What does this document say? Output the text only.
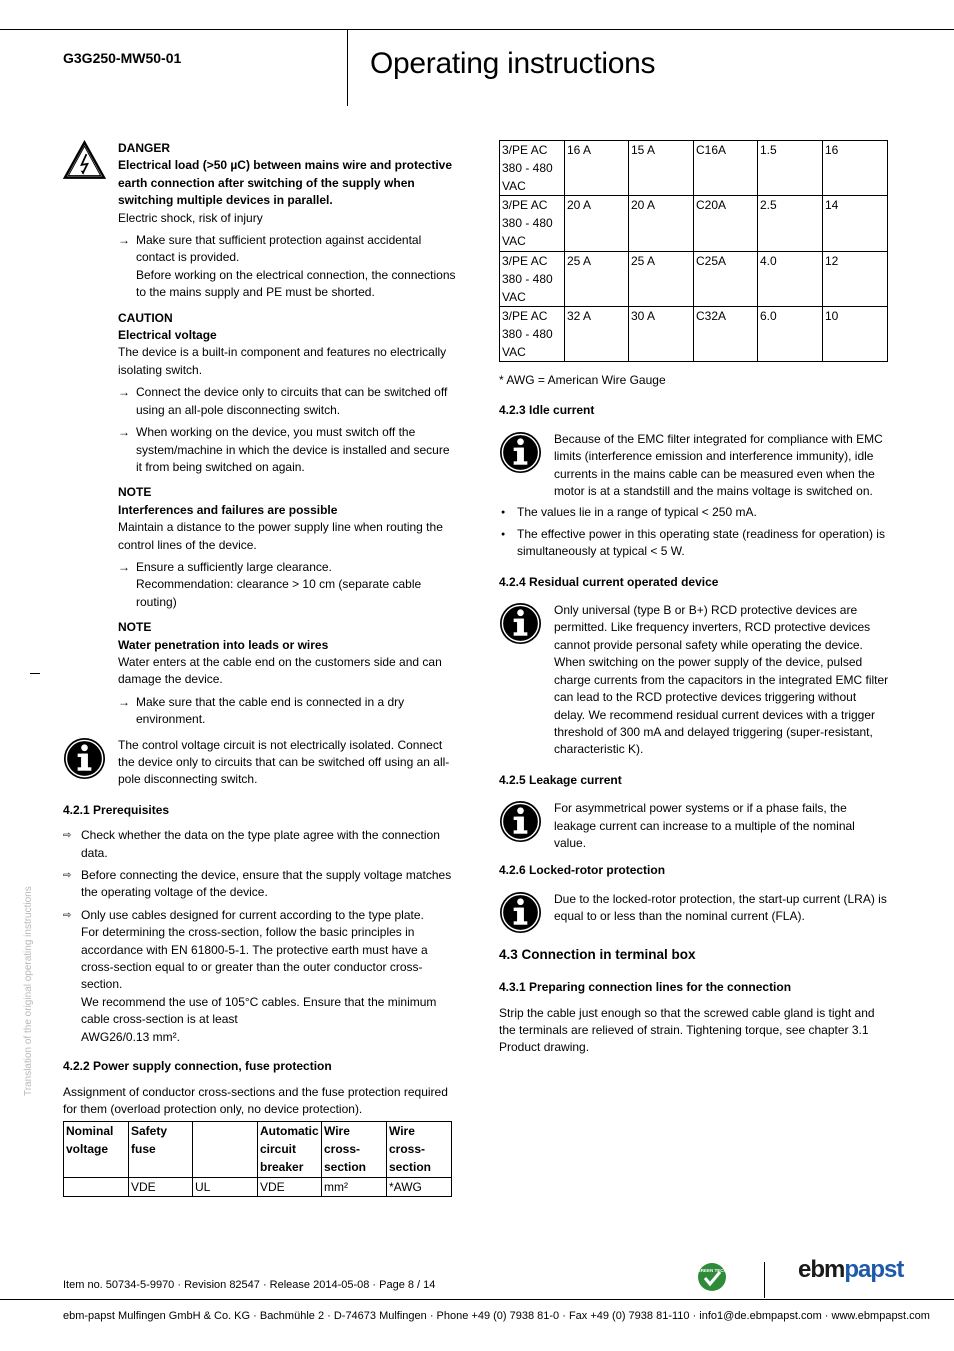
G3G250-MW50-01	Operating instructions
Translation of the original operating instructions

DANGER

Electrical load (>50 µC) between mains wire and protective earth connection after switching of the supply when switching multiple devices in parallel.

Electric shock, risk of injury

→ Make sure that sufficient protection against accidental contact is provided.

Before working on the electrical connection, the connections to the mains supply and PE must be shorted.

CAUTION

Electrical voltage

The device is a built-in component and features no electrically isolating switch.

→ Connect the device only to circuits that can be switched off using an all-pole disconnecting switch.
→ When working on the device, you must switch off the system/machine in which the device is installed and secure it from being switched on again.

NOTE

Interferences and failures are possible

Maintain a distance to the power supply line when routing the control lines of the device.

→ Ensure a sufficiently large clearance.

Recommendation: clearance > 10 cm (separate cable routing)

NOTE

Water penetration into leads or wires

Water enters at the cable end on the customers side and can damage the device.

→ Make sure that the cable end is connected in a dry environment.

The control voltage circuit is not electrically isolated. Connect the device only to circuits that can be switched off using an all-pole disconnecting switch.

4.2.1 Prerequisites

⇨ Check whether the data on the type plate agree with the connection data.
⇨ Before connecting the device, ensure that the supply voltage matches the operating voltage of the device.

⇨ Only use cables designed for current according to the type plate.

For determining the cross-section, follow the basic principles in accordance with EN 61800-5-1. The protective earth must have a cross-section equal to or greater than the outer conductor cross-section.

We recommend the use of 105°C cables. Ensure that the minimum cable cross-section is at least

AWG26/0.13 mm².

4.2.2 Power supply connection, fuse protection

Assignment of conductor cross-sections and the fuse protection required for them (overload protection only, no device protection).

Nominal voltage	Safety fuse		Automatic circuit breaker	Wire cross-section	Wire cross-section
	VDE	UL	VDE	mm²	*AWG
3/PE AC 380 - 480 VAC	16 A	15 A	C16A	1.5	16
3/PE AC 380 - 480 VAC	20 A	20 A	C20A	2.5	14
3/PE AC 380 - 480 VAC	25 A	25 A	C25A	4.0	12
3/PE AC 380 - 480 VAC	32 A	30 A	C32A	6.0	10

* AWG = American Wire Gauge

4.2.3 Idle current

Because of the EMC filter integrated for compliance with EMC limits (interference emission and interference immunity), idle currents in the mains cable can be measured even when the motor is at a standstill and the mains voltage is switched on.

● The values lie in a range of typical < 250 mA.
● The effective power in this operating state (readiness for operation) is simultaneously at typical < 5 W.

4.2.4 Residual current operated device

Only universal (type B or B+) RCD protective devices are permitted. Like frequency inverters, RCD protective devices cannot provide personal safety while operating the device. When switching on the power supply of the device, pulsed charge currents from the capacitors in the integrated EMC filter can lead to the RCD protective devices triggering without delay. We recommend residual current devices with a trigger threshold of 300 mA and delayed triggering (super-resistant, characteristic K).

4.2.5 Leakage current

For asymmetrical power systems or if a phase fails, the leakage current can increase to a multiple of the nominal value.

4.2.6 Locked-rotor protection

Due to the locked-rotor protection, the start-up current (LRA) is equal to or less than the nominal current (FLA).

4.3 Connection in terminal box

4.3.1 Preparing connection lines for the connection

Strip the cable just enough so that the screwed cable gland is tight and the terminals are relieved of strain. Tightening torque, see chapter 3.1 Product drawing.

Item no. 50734-5-9970 · Revision 82547 · Release 2014-05-08 · Page 8 / 14
GREEN TECH	ebmpapst
ebm-papst Mulfingen GmbH & Co. KG · Bachmühle 2 · D-74673 Mulfingen · Phone +49 (0) 7938 81-0 · Fax +49 (0) 7938 81-110 · info1@de.ebmpapst.com · www.ebmpapst.com
